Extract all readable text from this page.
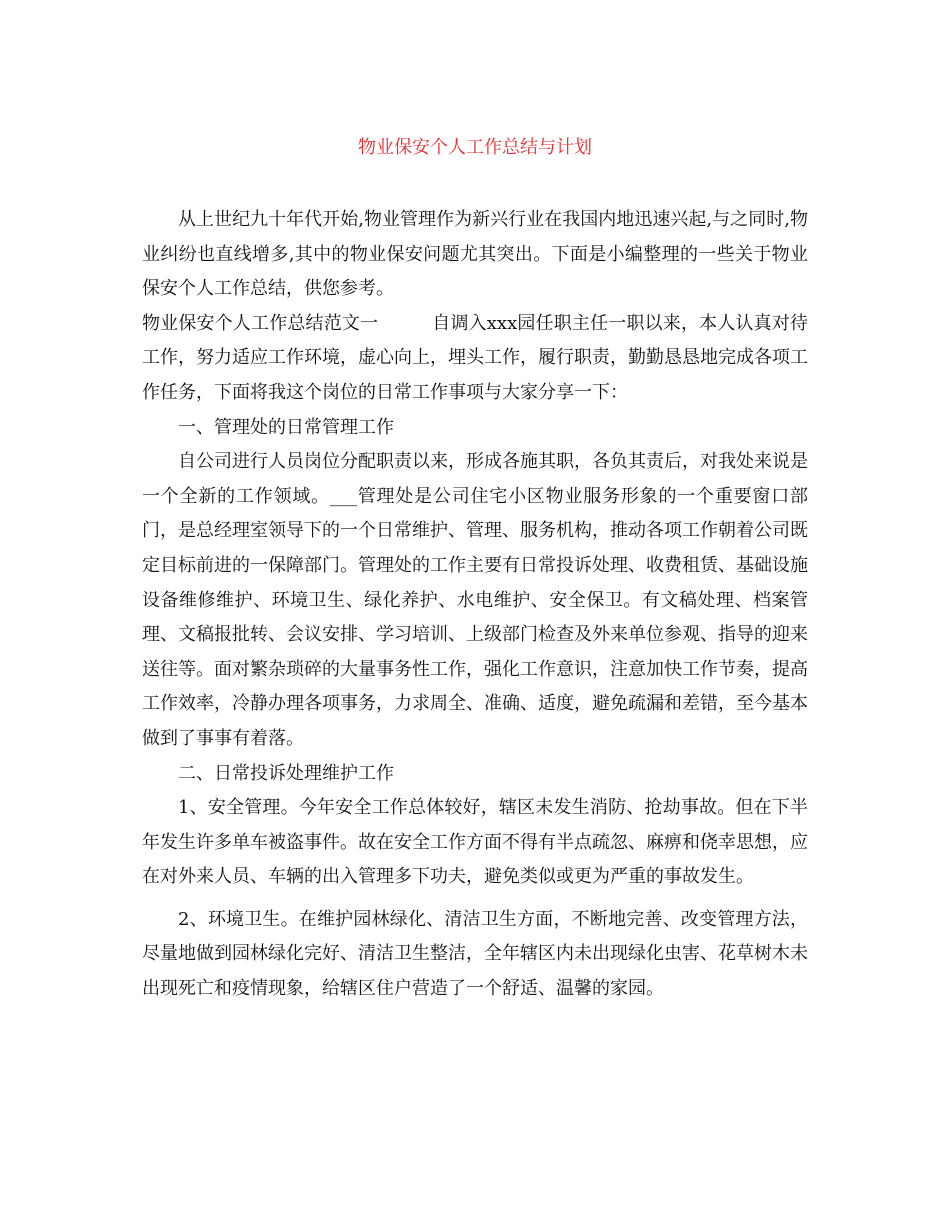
物业保安个人工作总结与计划

从上世纪九十年代开始,物业管理作为新兴行业在我国内地迅速兴起,与之同时,物业纠纷也直线增多,其中的物业保安问题尤其突出。下面是小编整理的一些关于物业保安个人工作总结，供您参考。

物业保安个人工作总结范文一	自调入xxx园任职主任一职以来，本人认真对待工作，努力适应工作环境，虚心向上，埋头工作，履行职责，勤勤恳恳地完成各项工作任务，下面将我这个岗位的日常工作事项与大家分享一下：

一、管理处的日常管理工作

自公司进行人员岗位分配职责以来，形成各施其职，各负其责后，对我处来说是一个全新的工作领域。___管理处是公司住宅小区物业服务形象的一个重要窗口部门，是总经理室领导下的一个日常维护、管理、服务机构，推动各项工作朝着公司既定目标前进的一保障部门。管理处的工作主要有日常投诉处理、收费租赁、基础设施设备维修维护、环境卫生、绿化养护、水电维护、安全保卫。有文稿处理、档案管理、文稿报批转、会议安排、学习培训、上级部门检查及外来单位参观、指导的迎来送往等。面对繁杂琐碎的大量事务性工作，强化工作意识，注意加快工作节奏，提高工作效率，冷静办理各项事务，力求周全、准确、适度，避免疏漏和差错，至今基本做到了事事有着落。

二、日常投诉处理维护工作

1、安全管理。今年安全工作总体较好，辖区未发生消防、抢劫事故。但在下半年发生许多单车被盗事件。故在安全工作方面不得有半点疏忽、麻痹和侥幸思想，应在对外来人员、车辆的出入管理多下功夫，避免类似或更为严重的事故发生。

2、环境卫生。在维护园林绿化、清洁卫生方面，不断地完善、改变管理方法，尽量地做到园林绿化完好、清洁卫生整洁，全年辖区内未出现绿化虫害、花草树木未出现死亡和疫情现象，给辖区住户营造了一个舒适、温馨的家园。
